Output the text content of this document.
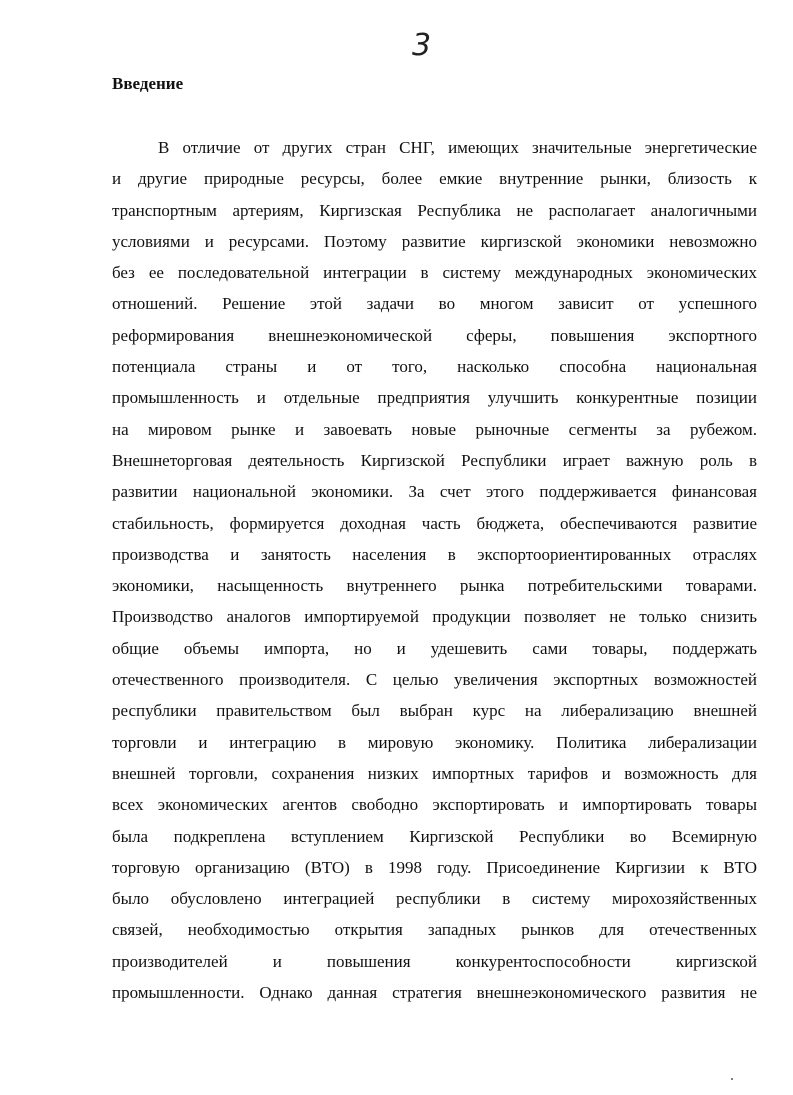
3
Введение
В отличие от других стран СНГ, имеющих значительные энергетические
и другие природные ресурсы, более емкие внутренние рынки, близость к
транспортным артериям, Киргизская Республика не располагает аналогичными
условиями и ресурсами. Поэтому развитие киргизской экономики невозможно
без ее последовательной интеграции в систему международных экономических
отношений. Решение этой задачи во многом зависит от успешного
реформирования внешнеэкономической сферы, повышения экспортного
потенциала страны и от того, насколько способна национальная
промышленность и отдельные предприятия улучшить конкурентные позиции
на мировом рынке и завоевать новые рыночные сегменты за рубежом.
Внешнеторговая деятельность Киргизской Республики играет важную роль в
развитии национальной экономики. За счет этого поддерживается финансовая
стабильность, формируется доходная часть бюджета, обеспечиваются развитие
производства и занятость населения в экспортоориентированных отраслях
экономики, насыщенность внутреннего рынка потребительскими товарами.
Производство аналогов импортируемой продукции позволяет не только снизить
общие объемы импорта, но и удешевить сами товары, поддержать
отечественного производителя. С целью увеличения экспортных возможностей
республики правительством был выбран курс на либерализацию внешней
торговли и интеграцию в мировую экономику. Политика либерализации
внешней торговли, сохранения низких импортных тарифов и возможность для
всех экономических агентов свободно экспортировать и импортировать товары
была подкреплена вступлением Киргизской Республики во Всемирную
торговую организацию (ВТО) в 1998 году. Присоединение Киргизии к ВТО
было обусловлено интеграцией республики в систему мирохозяйственных
связей, необходимостью открытия западных рынков для отечественных
производителей и повышения конкурентоспособности киргизской
промышленности. Однако данная стратегия внешнеэкономического развития не
